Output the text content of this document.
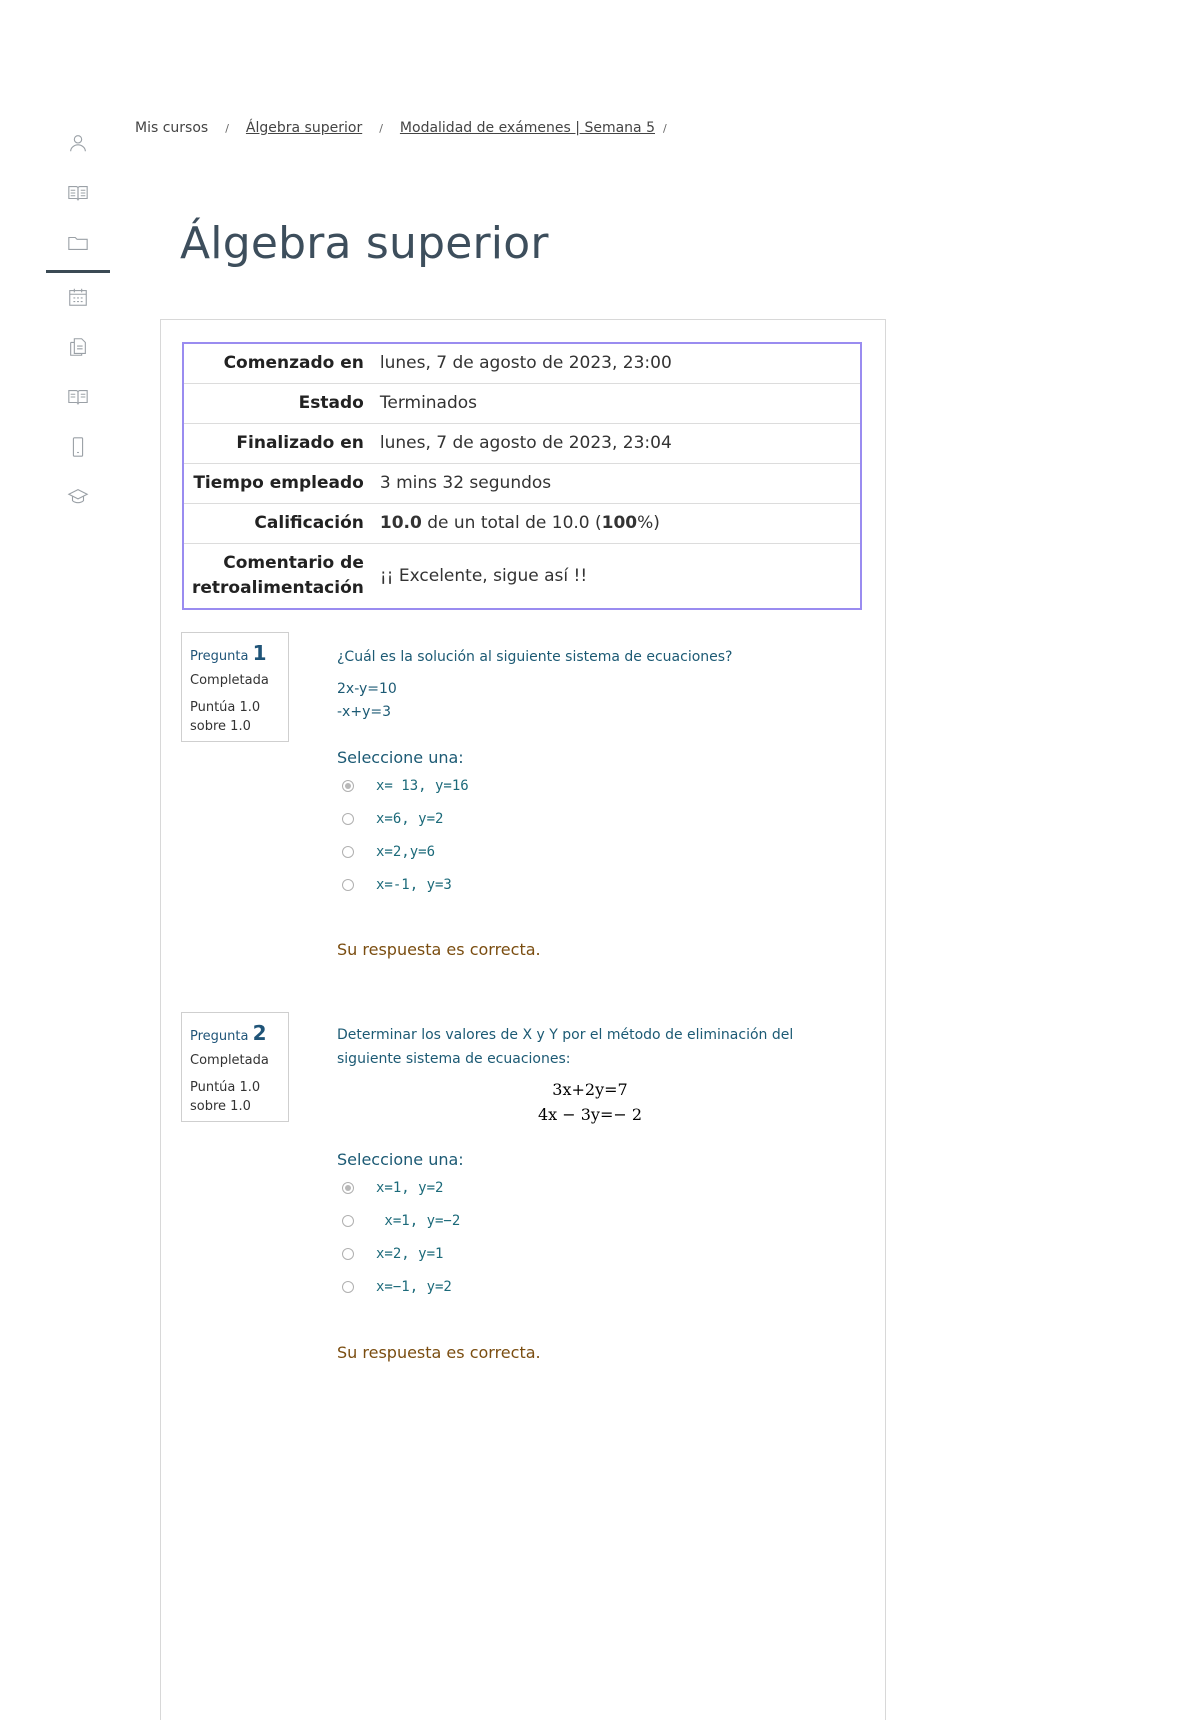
Mis cursos / Álgebra superior / Modalidad de exámenes | Semana 5 /
Álgebra superior
Comenzado en	lunes, 7 de agosto de 2023, 23:00
Estado	Terminados
Finalizado en	lunes, 7 de agosto de 2023, 23:04
Tiempo empleado	3 mins 32 segundos
Calificación	10.0 de un total de 10.0 (100%)
Comentario de retroalimentación	¡¡ Excelente, sigue así !!
Pregunta 1
Completada
Puntúa 1.0 sobre 1.0
¿Cuál es la solución al siguiente sistema de ecuaciones?
2x-y=10
-x+y=3
Seleccione una:
x= 13, y=16
x=6, y=2
x=2,y=6
x=-1, y=3
Su respuesta es correcta.
Pregunta 2
Completada
Puntúa 1.0 sobre 1.0
Determinar los valores de X y Y por el método de eliminación del siguiente sistema de ecuaciones:
3x+2y=7
4x − 3y=− 2
Seleccione una:
x=1, y=2
x=1, y=−2
x=2, y=1
x=−1, y=2
Su respuesta es correcta.
